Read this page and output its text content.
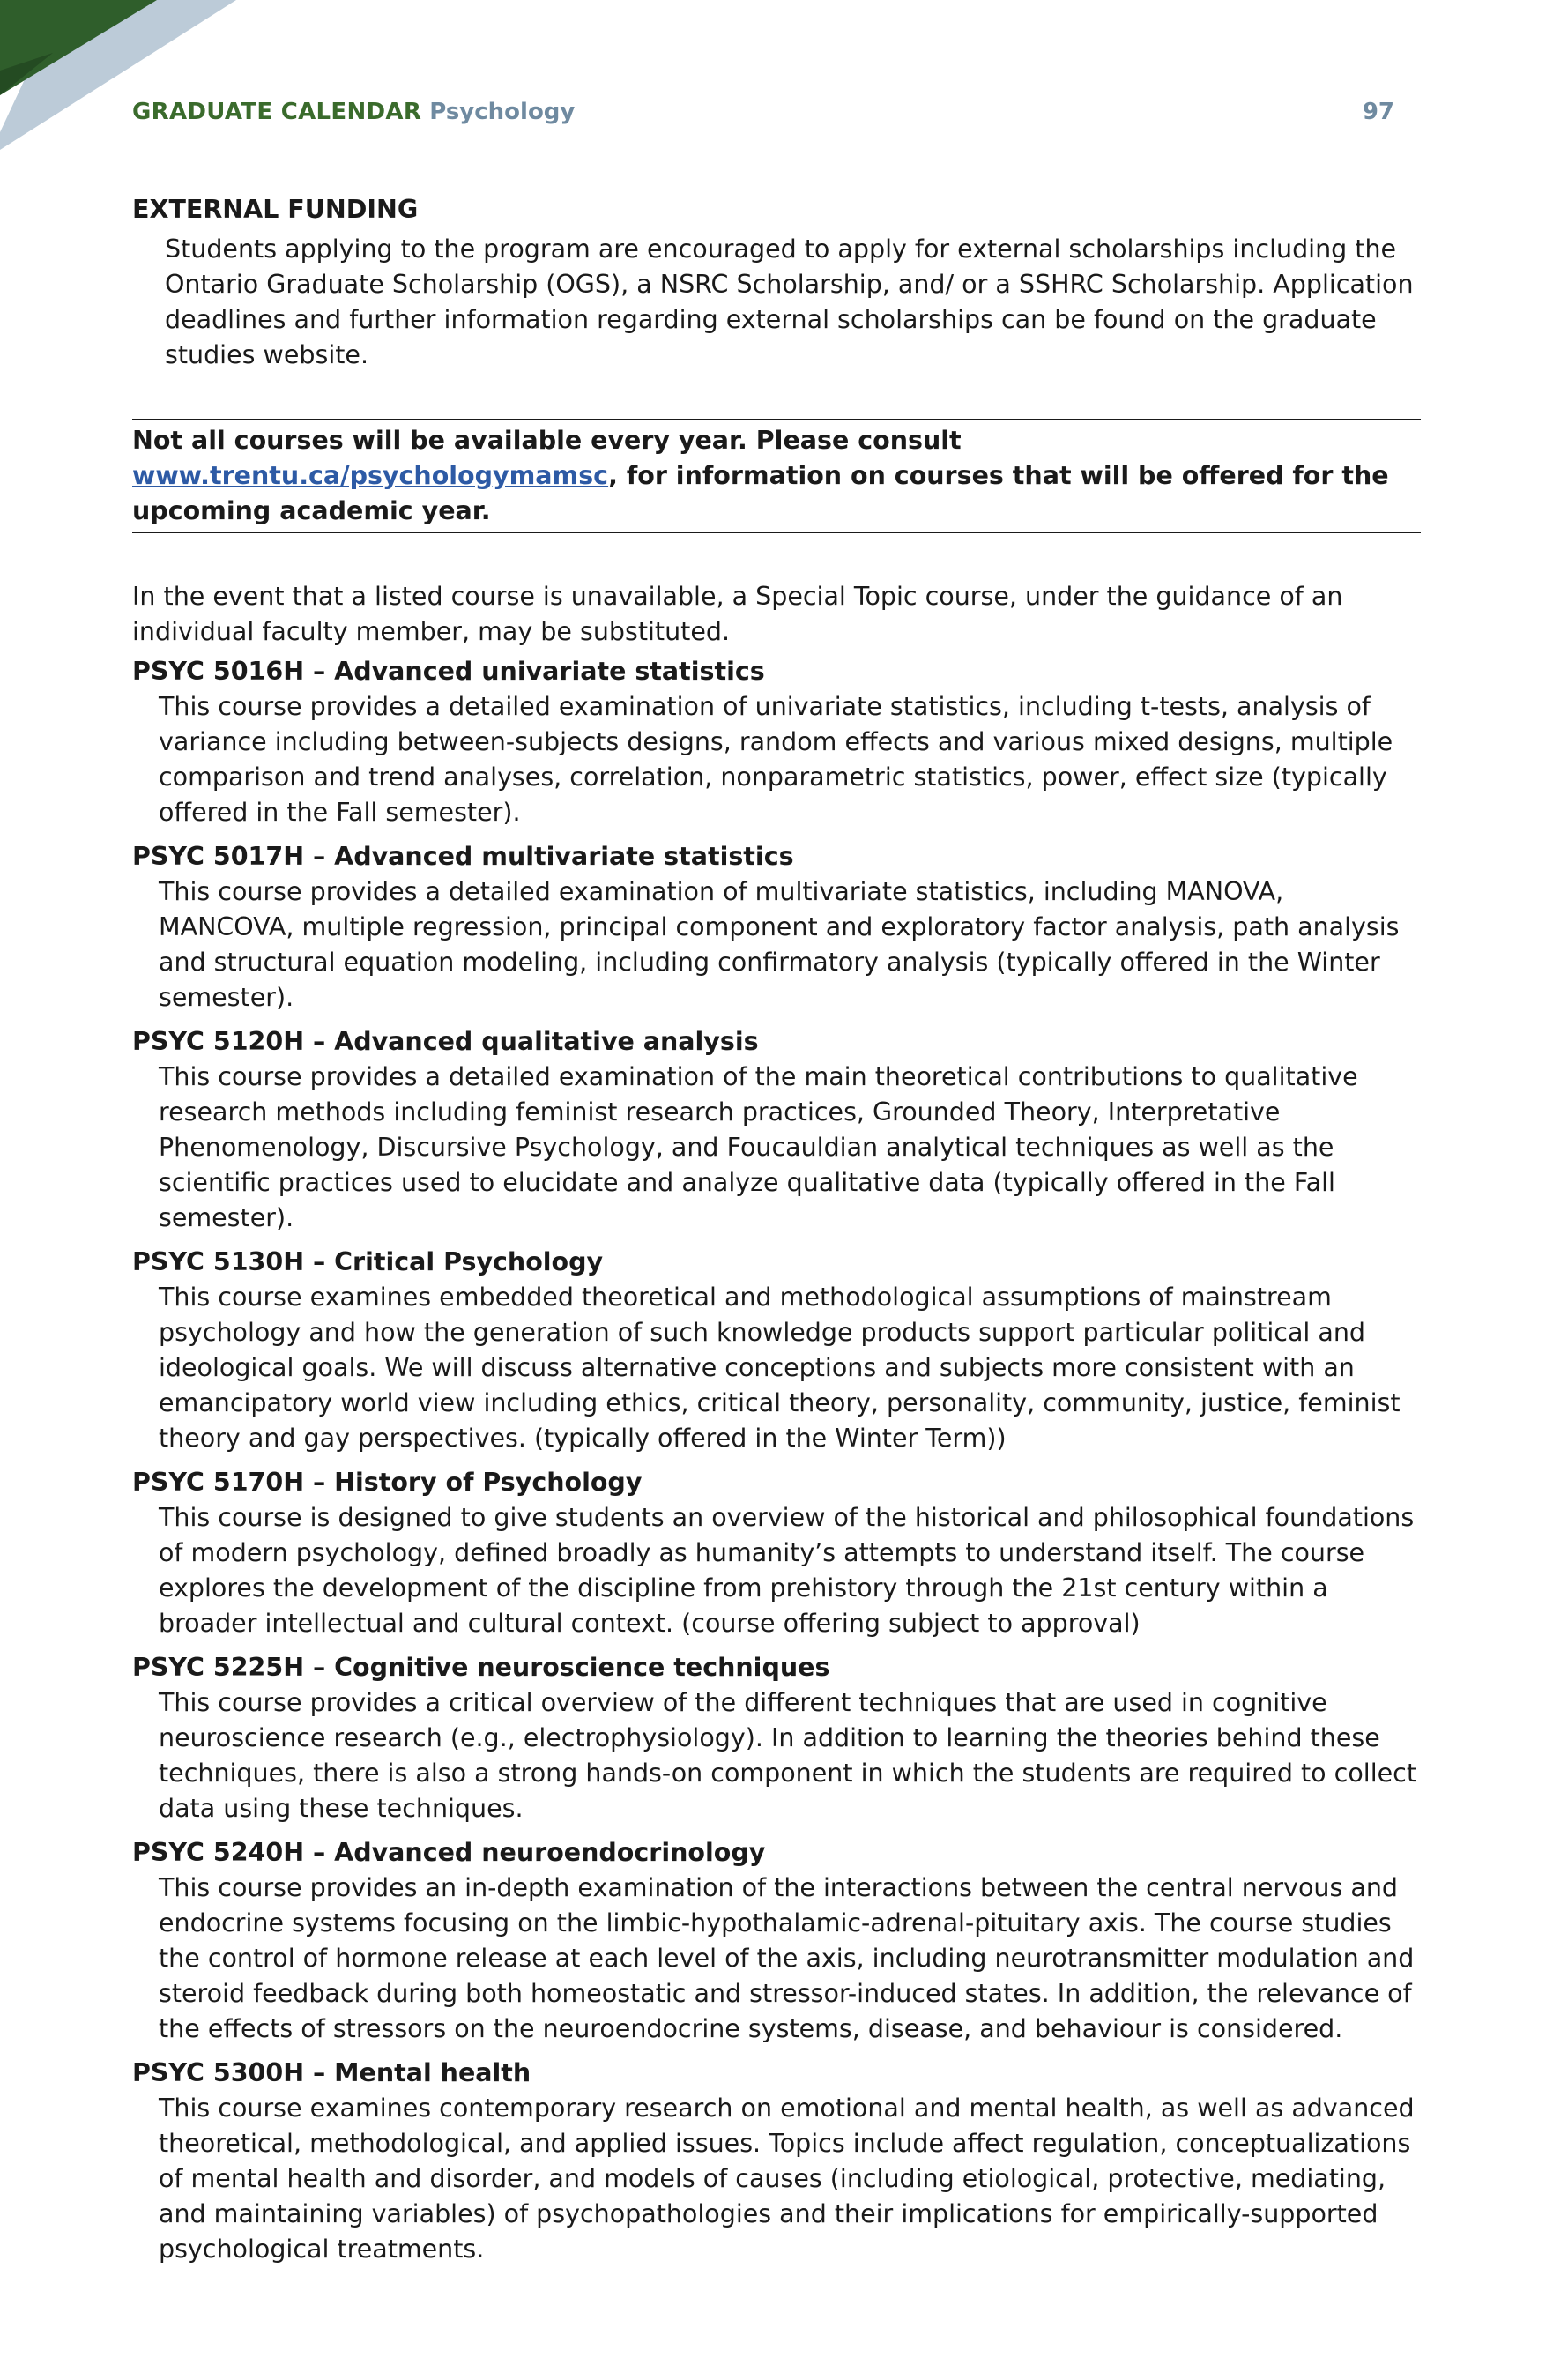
GRADUATE CALENDAR Psychology	97
EXTERNAL FUNDING

Students applying to the program are encouraged to apply for external scholarships including the Ontario Graduate Scholarship (OGS), a NSRC Scholarship, and/ or a SSHRC Scholarship. Application deadlines and further information regarding external scholarships can be found on the graduate studies website.

Not all courses will be available every year. Please consult www.trentu.ca/psychologymamsc, for information on courses that will be offered for the upcoming academic year.

In the event that a listed course is unavailable, a Special Topic course, under the guidance of an individual faculty member, may be substituted.

PSYC 5016H – Advanced univariate statistics
This course provides a detailed examination of univariate statistics, including t-tests, analysis of variance including between-subjects designs, random effects and various mixed designs, multiple comparison and trend analyses, correlation, nonparametric statistics, power, effect size (typically offered in the Fall semester).
PSYC 5017H – Advanced multivariate statistics
This course provides a detailed examination of multivariate statistics, including MANOVA, MANCOVA, multiple regression, principal component and exploratory factor analysis, path analysis and structural equation modeling, including confirmatory analysis (typically offered in the Winter semester).
PSYC 5120H – Advanced qualitative analysis
This course provides a detailed examination of the main theoretical contributions to qualitative research methods including feminist research practices, Grounded Theory, Interpretative Phenomenology, Discursive Psychology, and Foucauldian analytical techniques as well as the scientific practices used to elucidate and analyze qualitative data (typically offered in the Fall semester).
PSYC 5130H – Critical Psychology
This course examines embedded theoretical and methodological assumptions of mainstream psychology and how the generation of such knowledge products support particular political and ideological goals. We will discuss alternative conceptions and subjects more consistent with an emancipatory world view including ethics, critical theory, personality, community, justice, feminist theory and gay perspectives. (typically offered in the Winter Term))
PSYC 5170H – History of Psychology
This course is designed to give students an overview of the historical and philosophical foundations of modern psychology, defined broadly as humanity’s attempts to understand itself. The course explores the development of the discipline from prehistory through the 21st century within a broader intellectual and cultural context. (course offering subject to approval)
PSYC 5225H – Cognitive neuroscience techniques
This course provides a critical overview of the different techniques that are used in cognitive neuroscience research (e.g., electrophysiology). In addition to learning the theories behind these techniques, there is also a strong hands-on component in which the students are required to collect data using these techniques.
PSYC 5240H – Advanced neuroendocrinology
This course provides an in-depth examination of the interactions between the central nervous and endocrine systems focusing on the limbic-hypothalamic-adrenal-pituitary axis. The course studies the control of hormone release at each level of the axis, including neurotransmitter modulation and steroid feedback during both homeostatic and stressor-induced states. In addition, the relevance of the effects of stressors on the neuroendocrine systems, disease, and behaviour is considered.
PSYC 5300H – Mental health
This course examines contemporary research on emotional and mental health, as well as advanced theoretical, methodological, and applied issues. Topics include affect regulation, conceptualizations of mental health and disorder, and models of causes (including etiological, protective, mediating, and maintaining variables) of psychopathologies and their implications for empirically-supported psychological treatments.
